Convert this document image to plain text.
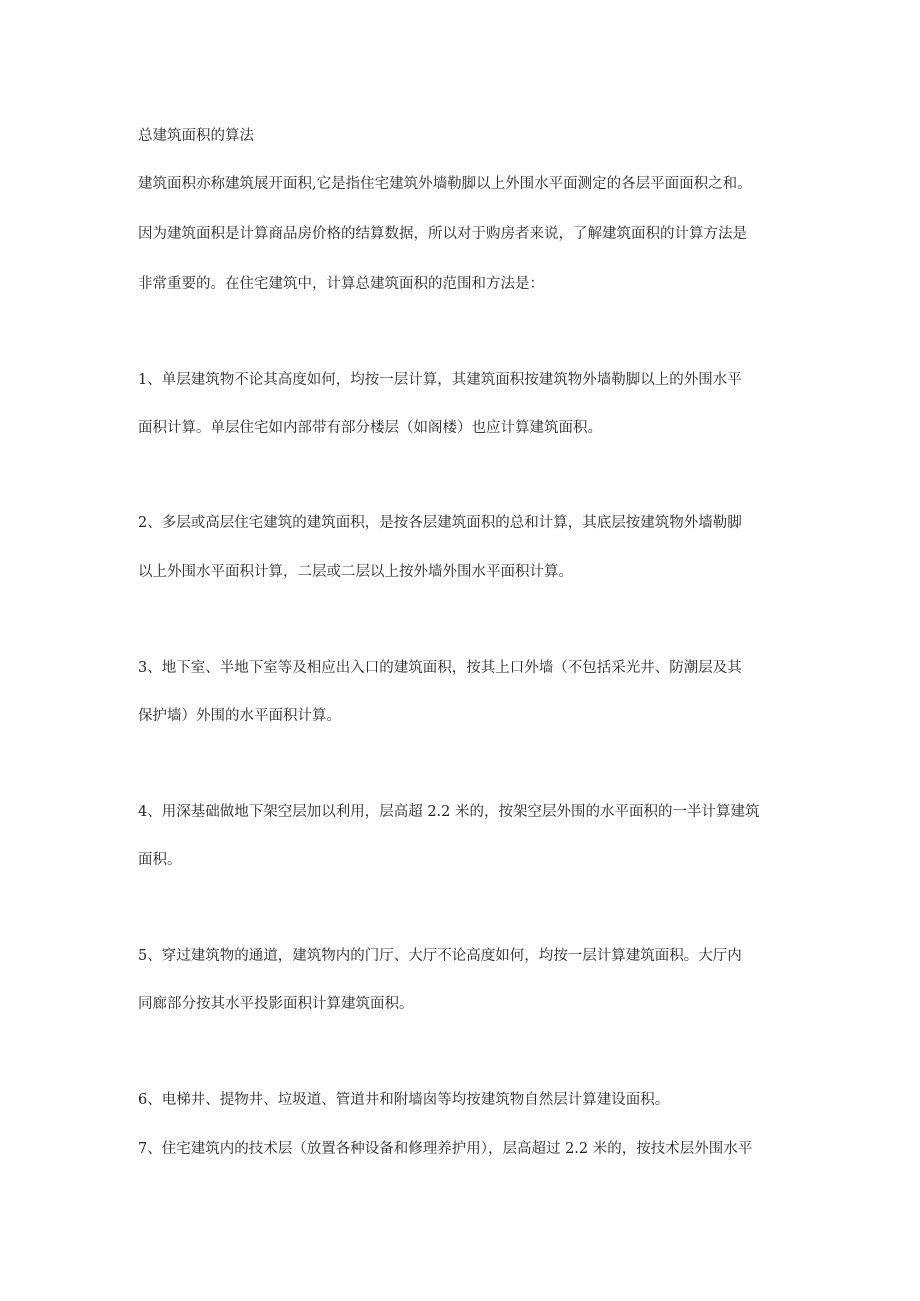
总建筑面积的算法

建筑面积亦称建筑展开面积,它是指住宅建筑外墙勒脚以上外围水平面测定的各层平面面积之和。

因为建筑面积是计算商品房价格的结算数据，所以对于购房者来说，了解建筑面积的计算方法是

非常重要的。在住宅建筑中，计算总建筑面积的范围和方法是：

1、单层建筑物不论其高度如何，均按一层计算，其建筑面积按建筑物外墙勒脚以上的外围水平

面积计算。单层住宅如内部带有部分楼层（如阁楼）也应计算建筑面积。

2、多层或高层住宅建筑的建筑面积，是按各层建筑面积的总和计算，其底层按建筑物外墙勒脚

以上外围水平面积计算，二层或二层以上按外墙外围水平面积计算。

3、地下室、半地下室等及相应出入口的建筑面积，按其上口外墙（不包括采光井、防潮层及其

保护墙）外围的水平面积计算。

4、用深基础做地下架空层加以利用，层高超 2.2 米的，按架空层外围的水平面积的一半计算建筑

面积。

5、穿过建筑物的通道，建筑物内的门厅、大厅不论高度如何，均按一层计算建筑面积。大厅内

同廊部分按其水平投影面积计算建筑面积。

6、电梯井、提物井、垃圾道、管道井和附墙囱等均按建筑物自然层计算建设面积。

7、住宅建筑内的技术层（放置各种设备和修理养护用），层高超过 2.2 米的，按技术层外围水平
